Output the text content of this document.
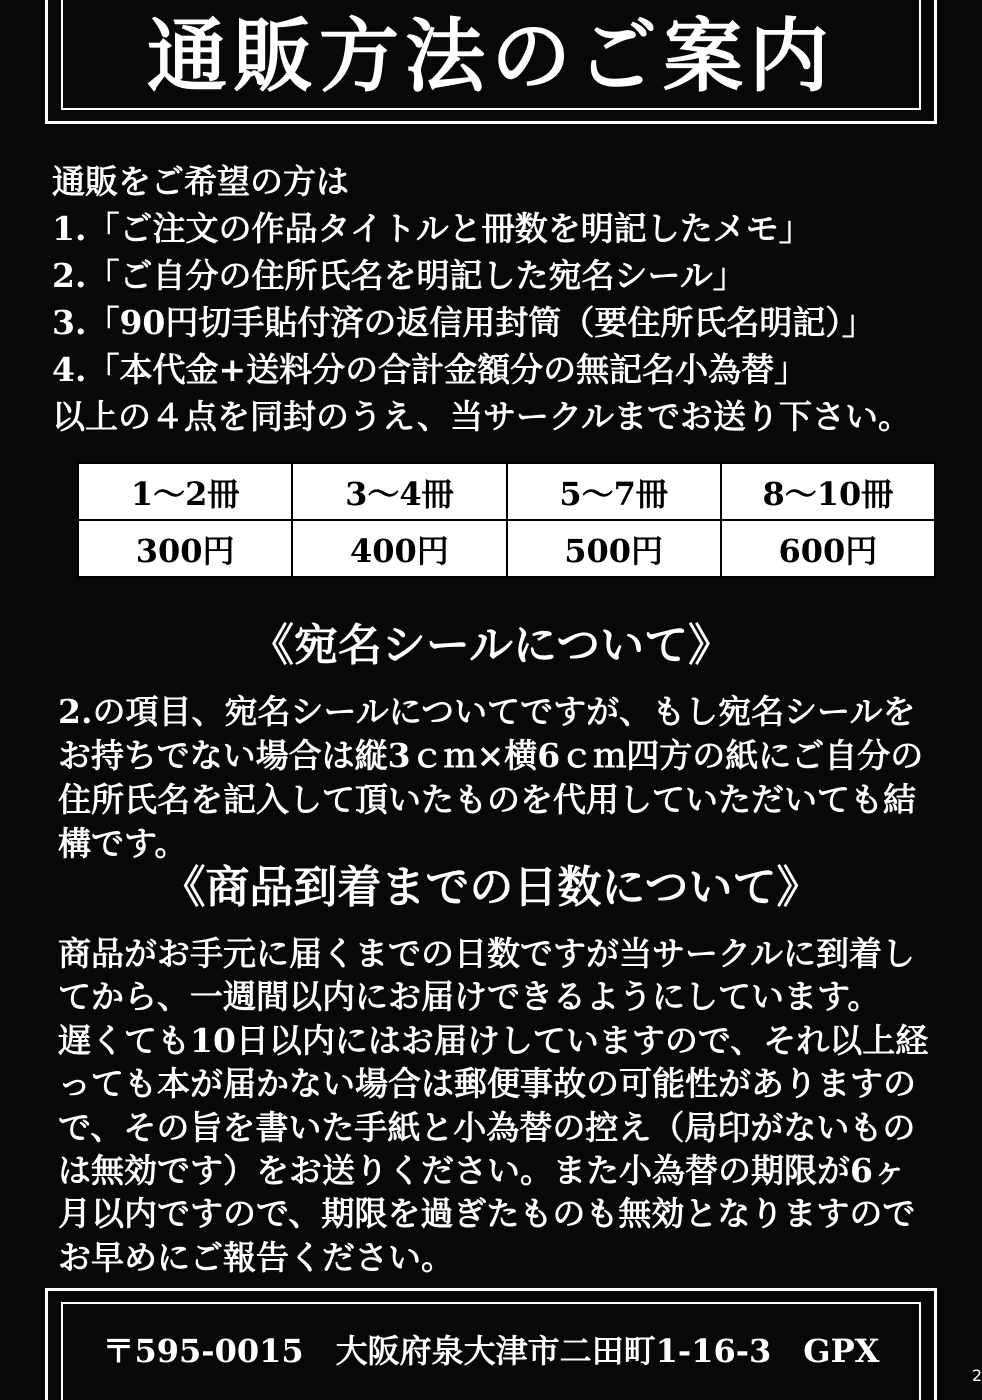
通販方法のご案内
通販をご希望の方は
1.「ご注文の作品タイトルと冊数を明記したメモ」
2.「ご自分の住所氏名を明記した宛名シール」
3.「90円切手貼付済の返信用封筒（要住所氏名明記）」
4.「本代金+送料分の合計金額分の無記名小為替」
以上の４点を同封のうえ、当サークルまでお送り下さい。
1～2冊	3～4冊	5～7冊	8～10冊
300円	400円	500円	600円
《宛名シールについて》
2.の項目、宛名シールについてですが、もし宛名シールを
お持ちでない場合は縦3ｃｍ×横6ｃｍ四方の紙にご自分の
住所氏名を記入して頂いたものを代用していただいても結
構です。
《商品到着までの日数について》
商品がお手元に届くまでの日数ですが当サークルに到着し
てから、一週間以内にお届けできるようにしています。
遅くても10日以内にはお届けしていますので、それ以上経
っても本が届かない場合は郵便事故の可能性がありますの
で、その旨を書いた手紙と小為替の控え（局印がないもの
は無効です）をお送りください。また小為替の期限が6ヶ
月以内ですので、期限を過ぎたものも無効となりますので
お早めにご報告ください。
〒595-0015　大阪府泉大津市二田町1-16-3　GPX
2
